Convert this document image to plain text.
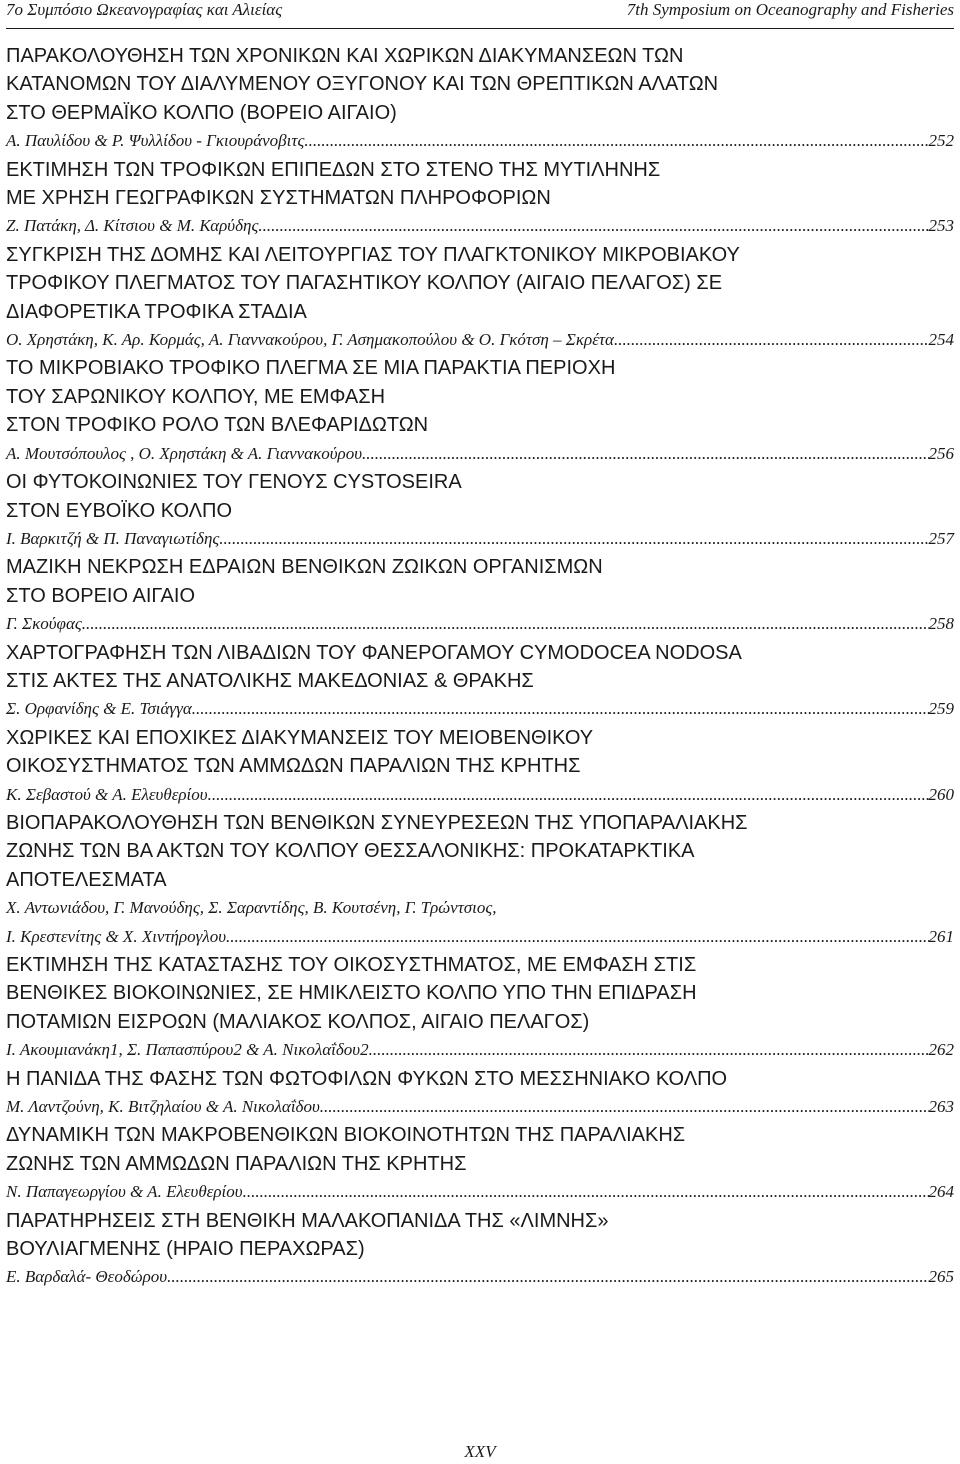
7ο Συμπόσιο Ωκεανογραφίας και Αλιείας	7th Symposium on Oceanography and Fisheries
ΠΑΡΑΚΟΛΟΥΘΗΣΗ ΤΩΝ ΧΡΟΝΙΚΩΝ ΚΑΙ ΧΩΡΙΚΩΝ ΔΙΑΚΥΜΑΝΣΕΩΝ ΤΩΝ
ΚΑΤΑΝΟΜΩΝ ΤΟΥ ΔΙΑΛΥΜΕΝΟΥ ΟΞΥΓΟΝΟΥ ΚΑΙ ΤΩΝ ΘΡΕΠΤΙΚΩΝ ΑΛΑΤΩΝ
ΣΤΟ ΘΕΡΜΑΪΚΟ ΚΟΛΠΟ (ΒΟΡΕΙΟ ΑΙΓΑΙΟ)
Α. Παυλίδου & Ρ. Ψυλλίδου - Γκιουράνοβιτς .....	252
ΕΚΤΙΜΗΣΗ ΤΩΝ ΤΡΟΦΙΚΩΝ ΕΠΙΠΕΔΩΝ ΣΤΟ ΣΤΕΝΟ ΤΗΣ ΜΥΤΙΛΗΝΗΣ
ΜΕ ΧΡΗΣΗ ΓΕΩΓΡΑΦΙΚΩΝ ΣΥΣΤΗΜΑΤΩΝ ΠΛΗΡΟΦΟΡΙΩΝ
Ζ. Πατάκη, Δ. Κίτσιου & Μ. Καρύδης .....	253
ΣΥΓΚΡΙΣΗ ΤΗΣ ΔΟΜΗΣ ΚΑΙ ΛΕΙΤΟΥΡΓΙΑΣ ΤΟΥ ΠΛΑΓΚΤΟΝΙΚΟΥ ΜΙΚΡΟΒΙΑΚΟΥ
ΤΡΟΦΙΚΟΥ ΠΛΕΓΜΑΤΟΣ ΤΟΥ ΠΑΓΑΣΗΤΙΚΟΥ ΚΟΛΠΟΥ (ΑΙΓΑΙΟ ΠΕΛΑΓΟΣ) ΣΕ
ΔΙΑΦΟΡΕΤΙΚΑ ΤΡΟΦΙΚΑ ΣΤΑΔΙΑ
Ο. Χρηστάκη, Κ. Αρ. Κορμάς, Α. Γιαννακούρου, Γ. Ασημακοπούλου & Ο. Γκότση – Σκρέτα .....	254
ΤΟ ΜΙΚΡΟΒΙΑΚΟ ΤΡΟΦΙΚΟ ΠΛΕΓΜΑ ΣΕ ΜΙΑ ΠΑΡΑΚΤΙΑ ΠΕΡΙΟΧΗ
ΤΟΥ ΣΑΡΩΝΙΚΟΥ ΚΟΛΠΟΥ, ΜΕ ΕΜΦΑΣΗ
ΣΤΟΝ ΤΡΟΦΙΚΟ ΡΟΛΟ ΤΩΝ ΒΛΕΦΑΡΙΔΩΤΩΝ
Α. Μουτσόπουλος , Ο. Χρηστάκη & Α. Γιαννακούρου .....	256
ΟΙ ΦΥΤΟΚΟΙΝΩΝΙΕΣ ΤΟΥ ΓΕΝΟΥΣ CYSTOSEIRA
ΣΤΟΝ ΕΥΒΟΪΚΟ ΚΟΛΠΟ
Ι. Βαρκιτζή & Π. Παναγιωτίδης .....	257
ΜΑΖΙΚΗ ΝΕΚΡΩΣΗ ΕΔΡΑΙΩΝ ΒΕΝΘΙΚΩΝ ΖΩΙΚΩΝ ΟΡΓΑΝΙΣΜΩΝ
ΣΤΟ ΒΟΡΕΙΟ ΑΙΓΑΙΟ
Γ. Σκούφας .....	258
ΧΑΡΤΟΓΡΑΦΗΣΗ ΤΩΝ ΛΙΒΑΔΙΩΝ ΤΟΥ ΦΑΝΕΡΟΓΑΜΟΥ CYMODOCEA NODOSA
ΣΤΙΣ ΑΚΤΕΣ ΤΗΣ ΑΝΑΤΟΛΙΚΗΣ ΜΑΚΕΔΟΝΙΑΣ & ΘΡΑΚΗΣ
Σ. Ορφανίδης & Ε. Τσιάγγα .....	259
ΧΩΡΙΚΕΣ ΚΑΙ ΕΠΟΧΙΚΕΣ ΔΙΑΚΥΜΑΝΣΕΙΣ ΤΟΥ ΜΕΙΟΒΕΝΘΙΚΟΥ
ΟΙΚΟΣΥΣΤΗΜΑΤΟΣ ΤΩΝ ΑΜΜΩΔΩΝ ΠΑΡΑΛΙΩΝ ΤΗΣ ΚΡΗΤΗΣ
Κ. Σεβαστού & Α. Ελευθερίου .....	260
ΒΙΟΠΑΡΑΚΟΛΟΥΘΗΣΗ ΤΩΝ ΒΕΝΘΙΚΩΝ ΣΥΝΕΥΡΕΣΕΩΝ ΤΗΣ ΥΠΟΠΑΡΑΛΙΑΚΗΣ
ΖΩΝΗΣ ΤΩΝ ΒΑ ΑΚΤΩΝ ΤΟΥ ΚΟΛΠΟΥ ΘΕΣΣΑΛΟΝΙΚΗΣ: ΠΡΟΚΑΤΑΡΚΤΙΚΑ
ΑΠΟΤΕΛΕΣΜΑΤΑ
Χ. Αντωνιάδου, Γ. Μανούδης, Σ. Σαραντίδης, Β. Κουτσένη, Γ. Τρώντσιος,
Ι. Κρεστενίτης & Χ. Χιντήρογλου .....	261
ΕΚΤΙΜΗΣΗ ΤΗΣ ΚΑΤΑΣΤΑΣΗΣ ΤΟΥ ΟΙΚΟΣΥΣΤΗΜΑΤΟΣ, ΜΕ ΕΜΦΑΣΗ ΣΤΙΣ
ΒΕΝΘΙΚΕΣ ΒΙΟΚΟΙΝΩΝΙΕΣ, ΣΕ ΗΜΙΚΛΕΙΣΤΟ ΚΟΛΠΟ ΥΠΟ ΤΗΝ ΕΠΙΔΡΑΣΗ
ΠΟΤΑΜΙΩΝ ΕΙΣΡΟΩΝ (ΜΑΛΙΑΚΟΣ ΚΟΛΠΟΣ, ΑΙΓΑΙΟ ΠΕΛΑΓΟΣ)
Ι. Ακουμιανάκη1, Σ. Παπασπύρου2 & Α. Νικολαΐδου2 .....	262
Η ΠΑΝΙΔΑ ΤΗΣ ΦΑΣΗΣ ΤΩΝ ΦΩΤΟΦΙΛΩΝ ΦΥΚΩΝ ΣΤΟ ΜΕΣΣΗΝΙΑΚΟ ΚΟΛΠΟ
Μ. Λαντζούνη, Κ. Βιτζηλαίου & Α. Νικολαΐδου .....	263
ΔΥΝΑΜΙΚΗ ΤΩΝ ΜΑΚΡΟΒΕΝΘΙΚΩΝ ΒΙΟΚΟΙΝΟΤΗΤΩΝ ΤΗΣ ΠΑΡΑΛΙΑΚΗΣ
ΖΩΝΗΣ ΤΩΝ ΑΜΜΩΔΩΝ ΠΑΡΑΛΙΩΝ ΤΗΣ ΚΡΗΤΗΣ
Ν. Παπαγεωργίου & Α. Ελευθερίου .....	264
ΠΑΡΑΤΗΡΗΣΕΙΣ ΣΤΗ ΒΕΝΘΙΚΗ ΜΑΛΑΚΟΠΑΝΙΔΑ ΤΗΣ «ΛΙΜΝΗΣ»
ΒΟΥΛΙΑΓΜΕΝΗΣ (ΗΡΑΙΟ ΠΕΡΑΧΩΡΑΣ)
Ε. Βαρδαλά- Θεοδώρου .....	265
XXV
